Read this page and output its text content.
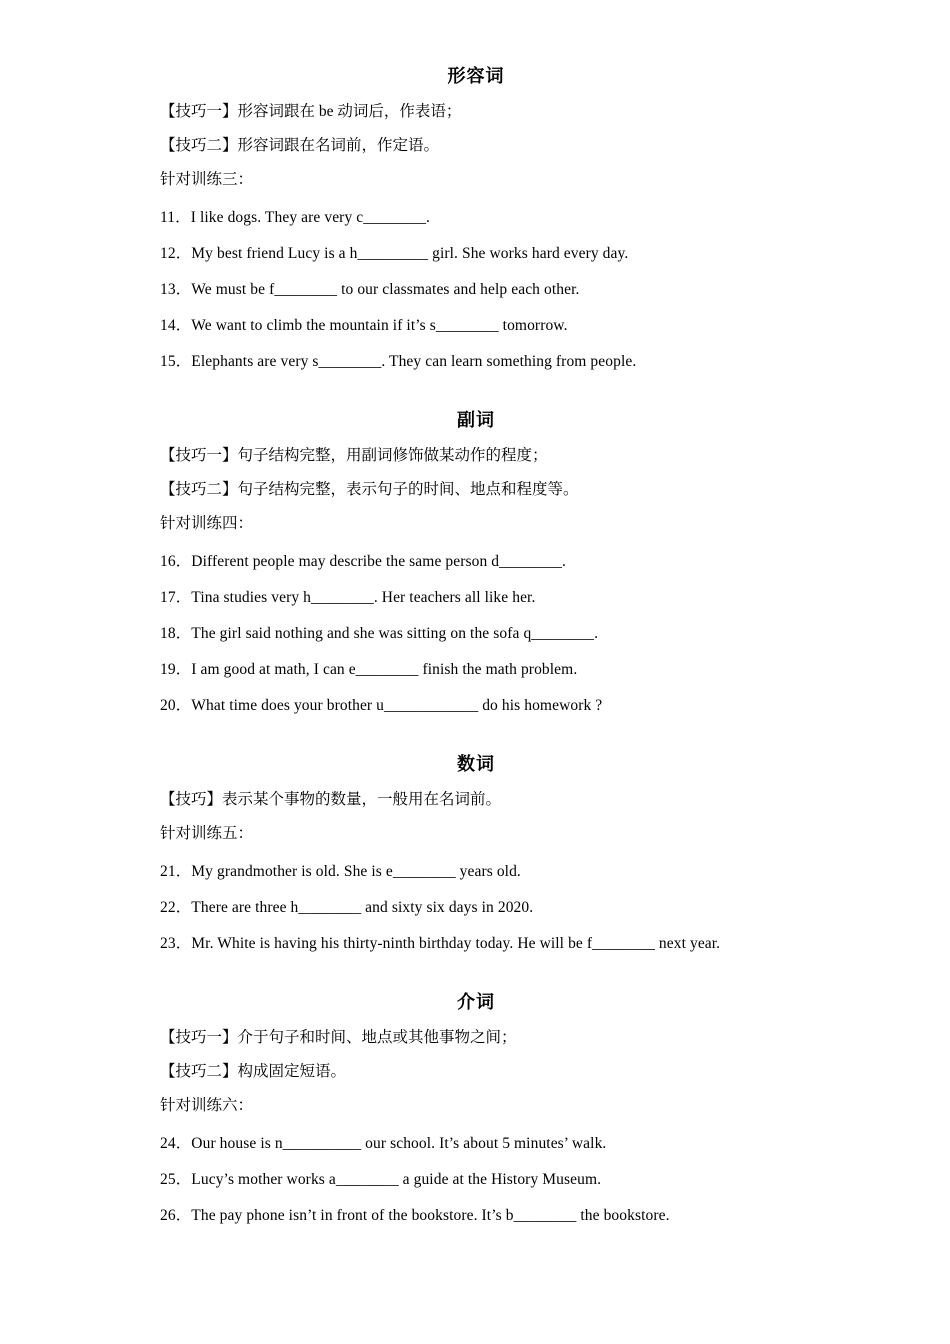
形容词

【技巧一】形容词跟在 be 动词后，作表语；

【技巧二】形容词跟在名词前，作定语。

针对训练三：

11．I like dogs. They are very c________.

12．My best friend Lucy is a h_________ girl. She works hard every day.

13．We must be f________ to our classmates and help each other.

14．We want to climb the mountain if it’s s________ tomorrow.

15．Elephants are very s________. They can learn something from people.

副词

【技巧一】句子结构完整，用副词修饰做某动作的程度；

【技巧二】句子结构完整，表示句子的时间、地点和程度等。

针对训练四：

16．Different people may describe the same person d________.

17．Tina studies very h________. Her teachers all like her.

18．The girl said nothing and she was sitting on the sofa q________.

19．I am good at math, I can e________ finish the math problem.

20．What time does your brother u____________ do his homework ?

数词

【技巧】表示某个事物的数量，一般用在名词前。

针对训练五：

21．My grandmother is old. She is e________ years old.

22．There are three h________ and sixty six days in 2020.

23．Mr. White is having his thirty-ninth birthday today. He will be f________ next year.

介词

【技巧一】介于句子和时间、地点或其他事物之间；

【技巧二】构成固定短语。

针对训练六：

24．Our house is n__________ our school. It’s about 5 minutes’ walk.

25．Lucy’s mother works a________ a guide at the History Museum.

26．The pay phone isn’t in front of the bookstore. It’s b________ the bookstore.
